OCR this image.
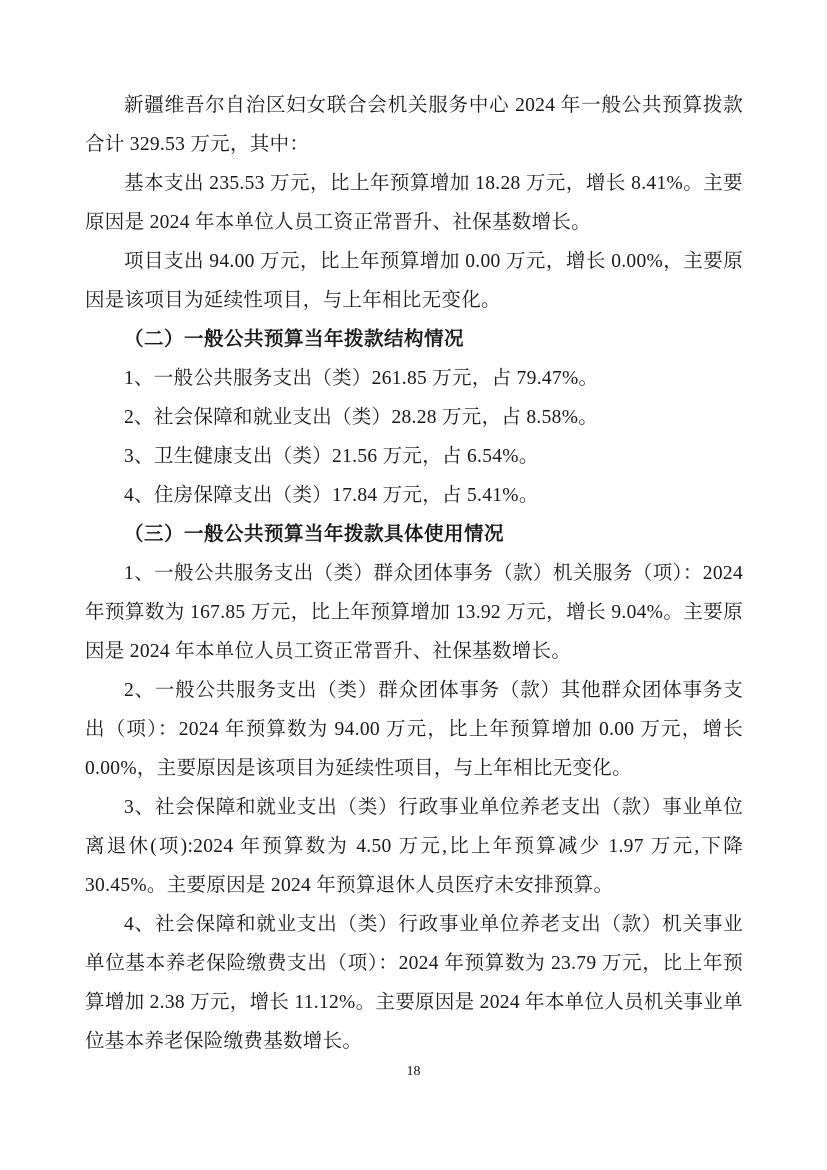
新疆维吾尔自治区妇女联合会机关服务中心 2024 年一般公共预算拨款合计 329.53 万元，其中：

基本支出 235.53 万元，比上年预算增加 18.28 万元，增长 8.41%。主要原因是 2024 年本单位人员工资正常晋升、社保基数增长。

项目支出 94.00 万元，比上年预算增加 0.00 万元，增长 0.00%，主要原因是该项目为延续性项目，与上年相比无变化。

（二）一般公共预算当年拨款结构情况

1、一般公共服务支出（类）261.85 万元，占 79.47%。

2、社会保障和就业支出（类）28.28 万元，占 8.58%。

3、卫生健康支出（类）21.56 万元，占 6.54%。

4、住房保障支出（类）17.84 万元，占 5.41%。

（三）一般公共预算当年拨款具体使用情况

1、一般公共服务支出（类）群众团体事务（款）机关服务（项）：2024 年预算数为 167.85 万元，比上年预算增加 13.92 万元，增长 9.04%。主要原因是 2024 年本单位人员工资正常晋升、社保基数增长。

2、一般公共服务支出（类）群众团体事务（款）其他群众团体事务支出（项）：2024 年预算数为 94.00 万元，比上年预算增加 0.00 万元，增长 0.00%，主要原因是该项目为延续性项目，与上年相比无变化。

3、社会保障和就业支出（类）行政事业单位养老支出（款）事业单位离退休(项):2024 年预算数为 4.50 万元,比上年预算减少 1.97 万元,下降 30.45%。主要原因是 2024 年预算退休人员医疗未安排预算。

4、社会保障和就业支出（类）行政事业单位养老支出（款）机关事业单位基本养老保险缴费支出（项）：2024 年预算数为 23.79 万元，比上年预算增加 2.38 万元，增长 11.12%。主要原因是 2024 年本单位人员机关事业单位基本养老保险缴费基数增长。

18
